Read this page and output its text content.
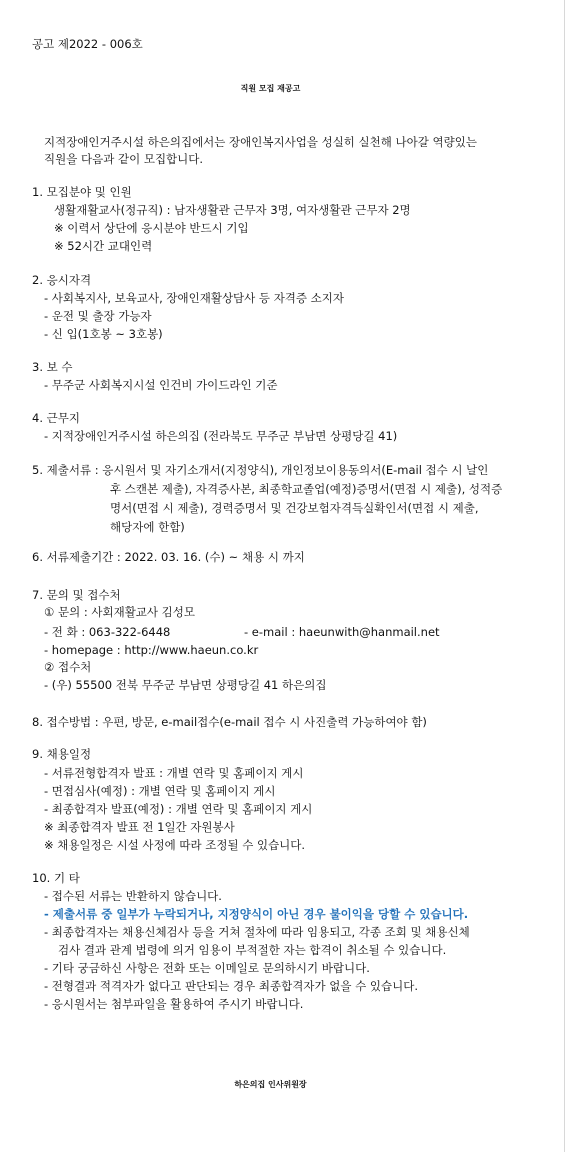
공고 제2022 - 006호
직원 모집 재공고
지적장애인거주시설 하은의집에서는 장애인복지사업을 성실히 실천해 나아갈 역량있는
직원을 다음과 같이 모집합니다.
1. 모집분야 및 인원
생활재활교사(정규직) : 남자생활관 근무자 3명, 여자생활관 근무자 2명
※ 이력서 상단에 응시분야 반드시 기입
※ 52시간 교대인력
2. 응시자격
- 사회복지사, 보육교사, 장애인재활상담사 등 자격증 소지자
- 운전 및 출장 가능자
- 신 입(1호봉 ~ 3호봉)
3. 보 수
- 무주군 사회복지시설 인건비 가이드라인 기준
4. 근무지
- 지적장애인거주시설 하은의집 (전라북도 무주군 부남면 상평당길 41)
5. 제출서류 : 응시원서 및 자기소개서(지정양식), 개인정보이용동의서(E-mail 접수 시 날인
후 스캔본 제출), 자격증사본, 최종학교졸업(예정)증명서(면접 시 제출), 성적증
명서(면접 시 제출), 경력증명서 및 건강보험자격득실확인서(면접 시 제출,
해당자에 한함)
6. 서류제출기간 : 2022. 03. 16. (수) ~ 채용 시 까지
7. 문의 및 접수처
① 문의 : 사회재활교사 김성모
- 전 화 : 063-322-6448	- e-mail : haeunwith@hanmail.net
- homepage : http://www.haeun.co.kr
② 접수처
- (우) 55500 전북 무주군 부남면 상평당길 41 하은의집
8. 접수방법 : 우편, 방문, e-mail접수(e-mail 접수 시 사진출력 가능하여야 함)
9. 채용일정
- 서류전형합격자 발표 : 개별 연락 및 홈페이지 게시
- 면접심사(예정) : 개별 연락 및 홈페이지 게시
- 최종합격자 발표(예정) : 개별 연락 및 홈페이지 게시
※ 최종합격자 발표 전 1일간 자원봉사
※ 채용일정은 시설 사정에 따라 조정될 수 있습니다.
10. 기 타
- 접수된 서류는 반환하지 않습니다.
- 제출서류 중 일부가 누락되거나, 지정양식이 아닌 경우 불이익을 당할 수 있습니다.
- 최종합격자는 채용신체검사 등을 거쳐 절차에 따라 임용되고, 각종 조회 및 채용신체
검사 결과 관계 법령에 의거 임용이 부적절한 자는 합격이 취소될 수 있습니다.
- 기타 궁금하신 사항은 전화 또는 이메일로 문의하시기 바랍니다.
- 전형결과 적격자가 없다고 판단되는 경우 최종합격자가 없을 수 있습니다.
- 응시원서는 첨부파일을 활용하여 주시기 바랍니다.
하은의집 인사위원장
